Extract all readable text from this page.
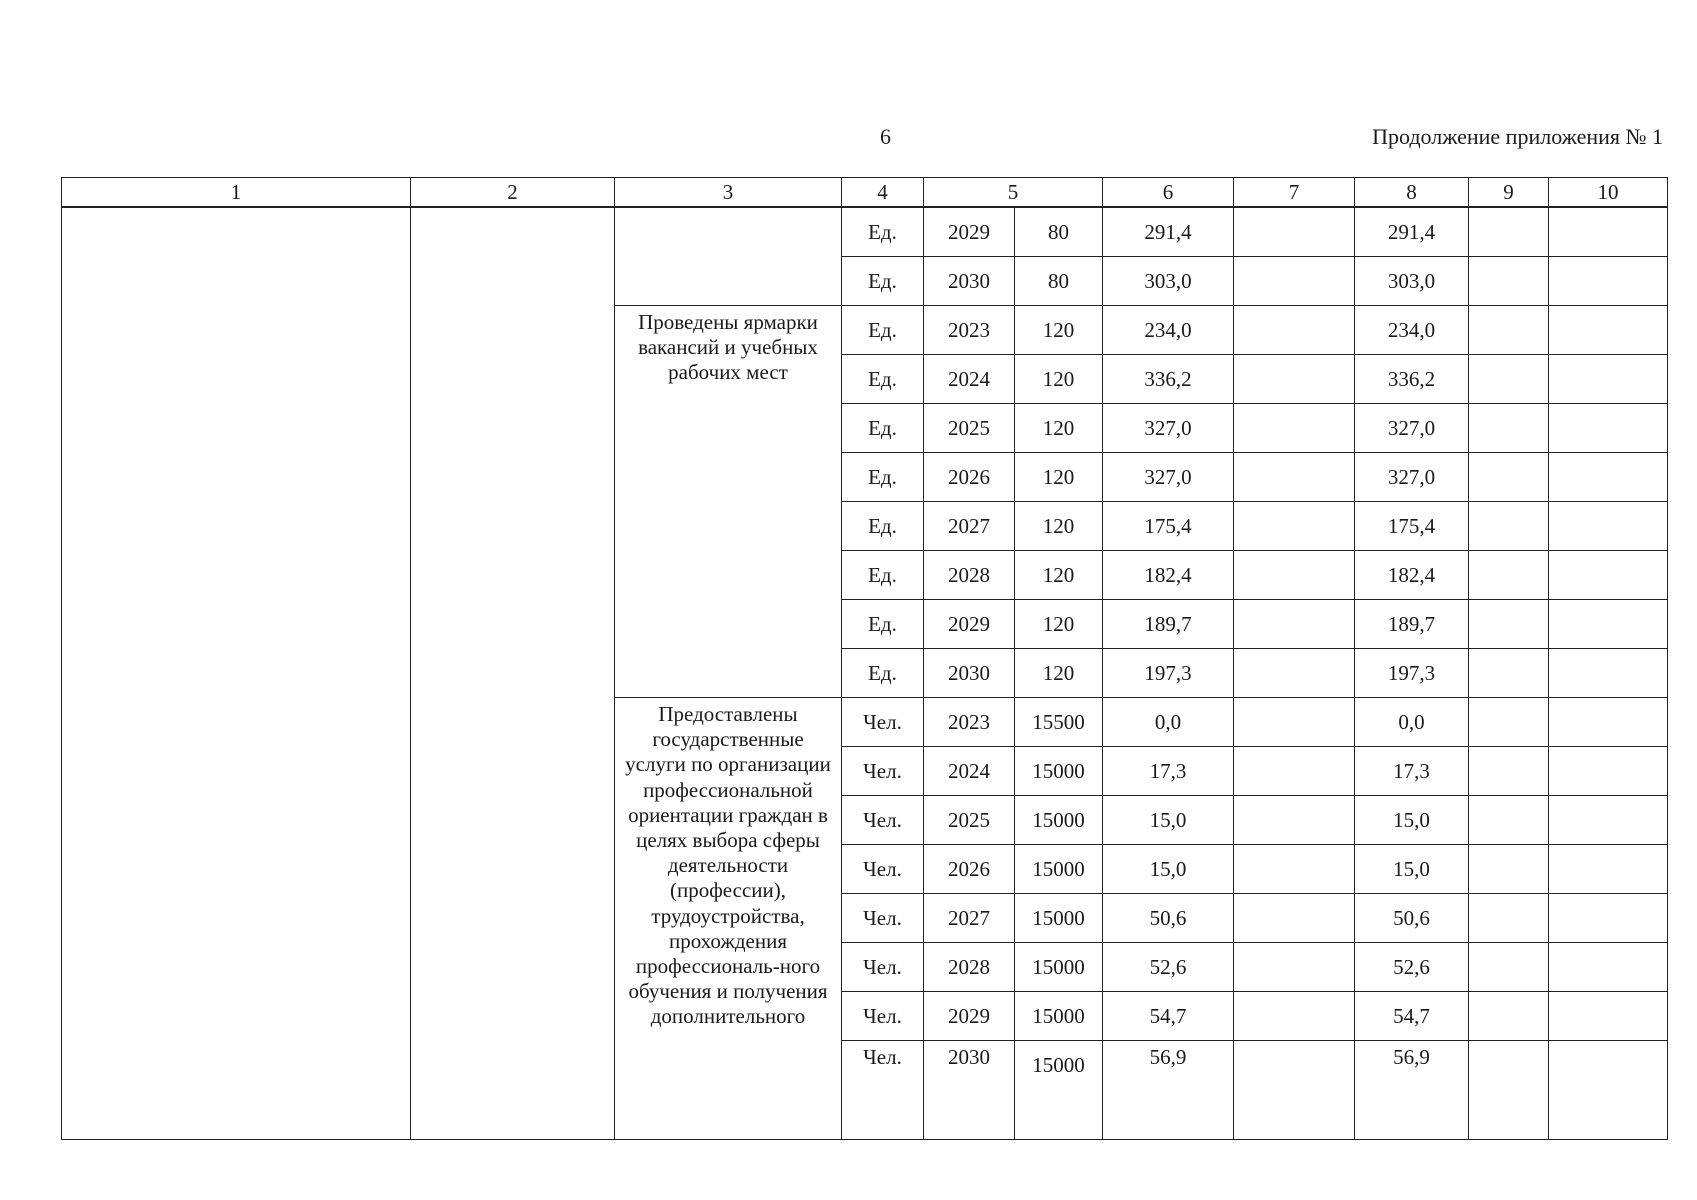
6	Продолжение приложения № 1
1	2	3	4	5		6	7	8	9	10
			Ед.	2029	80	291,4		291,4		
			Ед.	2030	80	303,0		303,0		
		Проведены ярмарки вакансий и учебных рабочих мест	Ед.	2023	120	234,0		234,0		
			Ед.	2024	120	336,2		336,2		
			Ед.	2025	120	327,0		327,0		
			Ед.	2026	120	327,0		327,0		
			Ед.	2027	120	175,4		175,4		
			Ед.	2028	120	182,4		182,4		
			Ед.	2029	120	189,7		189,7		
			Ед.	2030	120	197,3		197,3		

		Предоставлены государственные услуги по организации профессиональной ориентации граждан в целях выбора сферы деятельности (профессии), трудоустройства, прохождения профессиональ-ного обучения и получения дополнительного	Чел.	2023	15500	0,0		0,0		
			Чел.	2024	15000	17,3		17,3		
			Чел.	2025	15000	15,0		15,0		
			Чел.	2026	15000	15,0		15,0		
			Чел.	2027	15000	50,6		50,6		
			Чел.	2028	15000	52,6		52,6		
			Чел.	2029	15000	54,7		54,7		
			Чел.	2030	15000	56,9		56,9		
